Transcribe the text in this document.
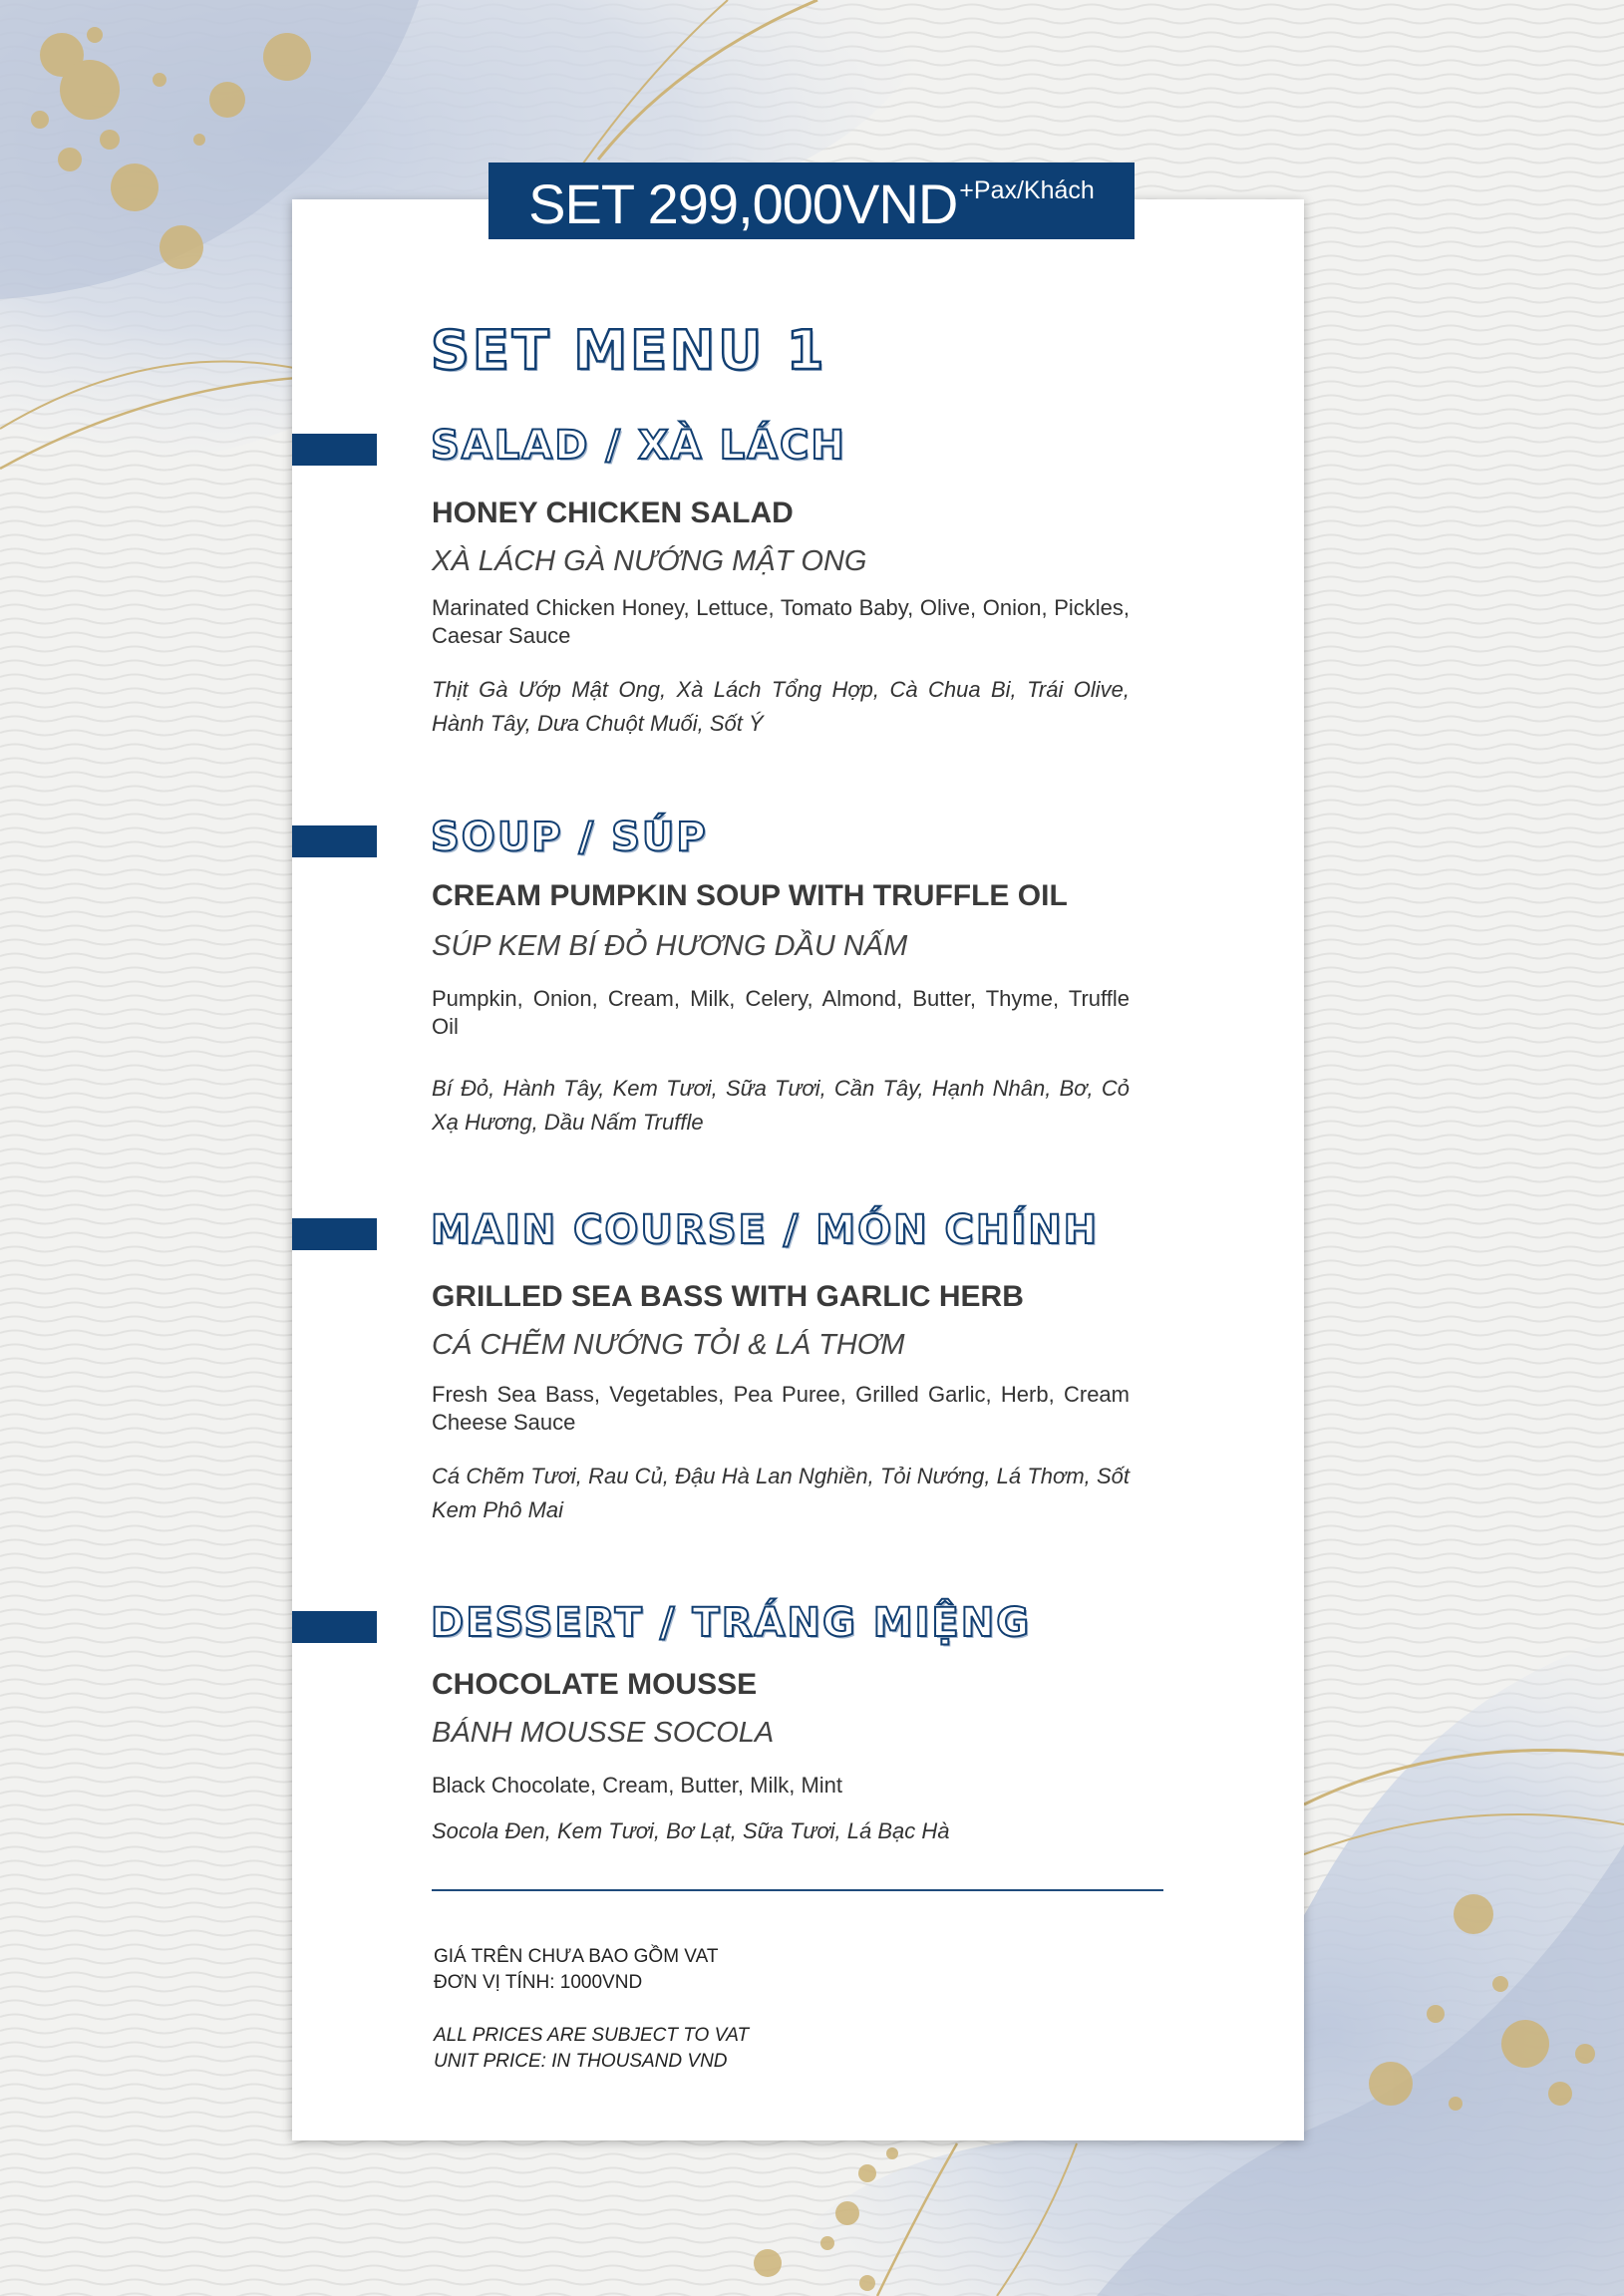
SET 299,000VND +Pax/Khách
SET MENU 1
SALAD / XÀ LÁCH

HONEY CHICKEN SALAD

XÀ LÁCH GÀ NƯỚNG MẬT ONG

Marinated Chicken Honey, Lettuce, Tomato Baby, Olive, Onion, Pickles, Caesar Sauce

Thịt Gà Ướp Mật Ong, Xà Lách Tổng Hợp, Cà Chua Bi, Trái Olive, Hành Tây, Dưa Chuột Muối, Sốt Ý

SOUP / SÚP

CREAM PUMPKIN SOUP WITH TRUFFLE OIL

SÚP KEM BÍ ĐỎ HƯƠNG DẦU NẤM

Pumpkin, Onion, Cream, Milk, Celery, Almond, Butter, Thyme, Truffle Oil

Bí Đỏ, Hành Tây, Kem Tươi, Sữa Tươi, Cần Tây, Hạnh Nhân, Bơ, Cỏ Xạ Hương, Dầu Nấm Truffle

MAIN COURSE / MÓN CHÍNH

GRILLED SEA BASS WITH GARLIC HERB

CÁ CHẼM NƯỚNG TỎI & LÁ THƠM

Fresh Sea Bass, Vegetables, Pea Puree, Grilled Garlic, Herb, Cream Cheese Sauce

Cá Chẽm Tươi, Rau Củ, Đậu Hà Lan Nghiền, Tỏi Nướng, Lá Thơm, Sốt Kem Phô Mai

DESSERT / TRÁNG MIỆNG

CHOCOLATE MOUSSE

BÁNH MOUSSE SOCOLA

Black Chocolate, Cream, Butter, Milk, Mint

Socola Đen, Kem Tươi, Bơ Lạt, Sữa Tươi, Lá Bạc Hà

GIÁ TRÊN CHƯA BAO GỒM VAT

ĐƠN VỊ TÍNH: 1000VND

ALL PRICES ARE SUBJECT TO VAT

UNIT PRICE: IN THOUSAND VND
